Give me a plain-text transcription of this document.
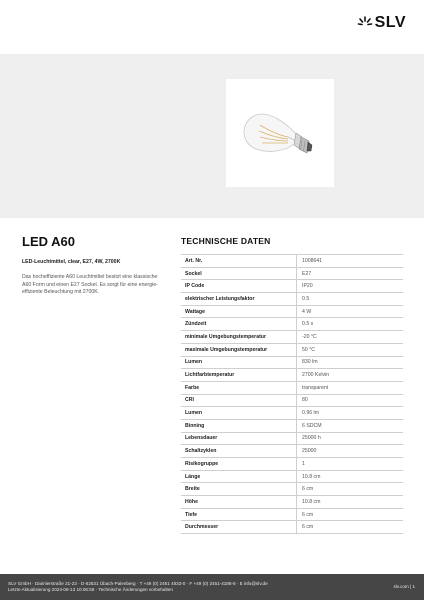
SLV
LED A60
LED-Leuchtmittel, clear, E27, 4W, 2700K
Das hocheffiziente A60 Leuchtmittel besitzt eine klassische A60 Form und einen E27 Sockel. Es sorgt für eine energie-effiziente Beleuchtung mit 2700K.
TECHNISCHE DATEN
Art. Nr.	1008641
Sockel	E27
IP Code	IP20
elektrischer Leistungsfaktor	0.5
Wattage	4 W
Zündzeit	0.5 s
minimale Umgebungstemperatur	-20 °C
maximale Umgebungstemperatur	50 °C
Lumen	830 lm
Lichtfarbtemperatur	2700 Kelvin
Farbe	transparent
CRI	80
Lumen	0.96 lm
Binning	6 SDCM
Lebensdauer	25000 h
Schaltzyklen	25000
Risikogruppe	1
Länge	10.8 cm
Breite	6 cm
Höhe	10.8 cm
Tiefe	6 cm
Durchmesser	6 cm
SLV GmbH · Daimlerstraße 21-23 · D-52531 Übach-Palenberg · T +49 (0) 2451 4833-0 · F +49 (0) 2451-4188-8 · E info@slv.de
Letzte Aktualisierung 2024-08-13 10:06:59 · Technische Änderungen vorbehalten
slv.com | 1
